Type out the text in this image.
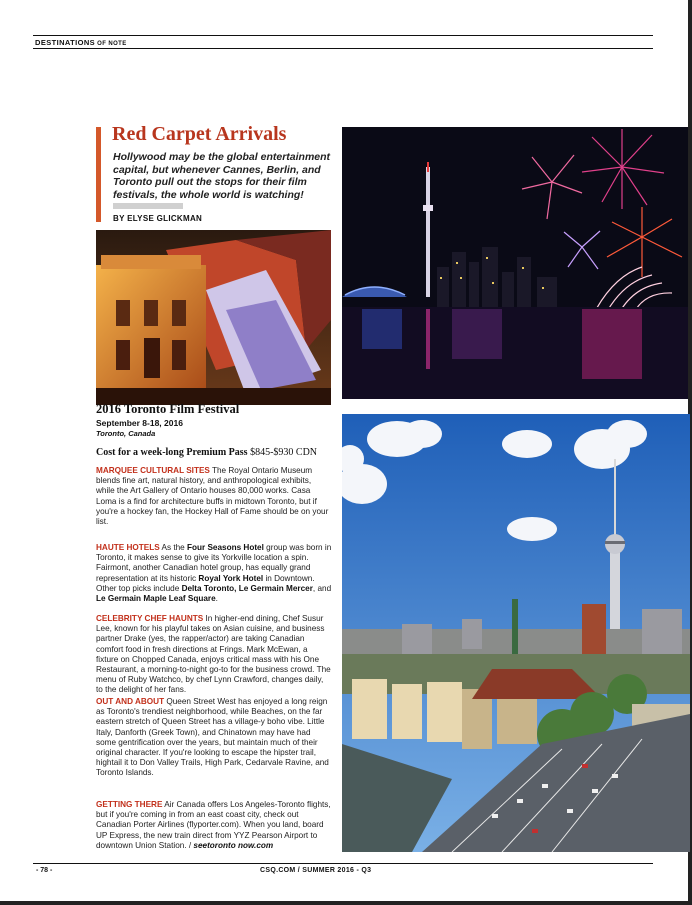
DESTINATIONS OF NOTE
Red Carpet Arrivals

Hollywood may be the global entertainment capital, but whenever Cannes, Berlin, and Toronto pull out the stops for their film festivals, the whole world is watching!

BY ELYSE GLICKMAN
2016 Toronto Film Festival
September 8-18, 2016
Toronto, Canada
Cost for a week-long Premium Pass $845-$930 CDN

MARQUEE CULTURAL SITES The Royal Ontario Museum blends fine art, natural history, and anthropological exhibits, while the Art Gallery of Ontario houses 80,000 works. Casa Loma is a find for architecture buffs in midtown Toronto, but if you're a hockey fan, the Hockey Hall of Fame should be on your list.

HAUTE HOTELS As the Four Seasons Hotel group was born in Toronto, it makes sense to give its Yorkville location a spin. Fairmont, another Canadian hotel group, has equally grand representation at its historic Royal York Hotel in Downtown. Other top picks include Delta Toronto, Le Germain Mercer, and Le Germain Maple Leaf Square.

CELEBRITY CHEF HAUNTS In higher-end dining, Chef Susur Lee, known for his playful takes on Asian cuisine, and business partner Drake (yes, the rapper/actor) are taking Canadian comfort food in fresh directions at Frings. Mark McEwan, a fixture on Chopped Canada, enjoys critical mass with his One Restaurant, a morning-to-night go-to for the business crowd. The menu of Ruby Watchco, by chef Lynn Crawford, changes daily, to the delight of her fans.

OUT AND ABOUT Queen Street West has enjoyed a long reign as Toronto's trendiest neighborhood, while Beaches, on the far eastern stretch of Queen Street has a village-y boho vibe. Little Italy, Danforth (Greek Town), and Chinatown may have had some gentrification over the years, but maintain much of their original character. If you're looking to escape the hipster trail, hightail it to Don Valley Trails, High Park, Cedarvale Ravine, and Toronto Islands.

GETTING THERE Air Canada offers Los Angeles-Toronto flights, but if you're coming in from an east coast city, check out Canadian Porter Airlines (flyporter.com). When you land, board UP Express, the new train direct from YYZ Pearson Airport to downtown Union Station. / seetoronto now.com

- 78 -	CSQ.COM / SUMMER 2016 - Q3
